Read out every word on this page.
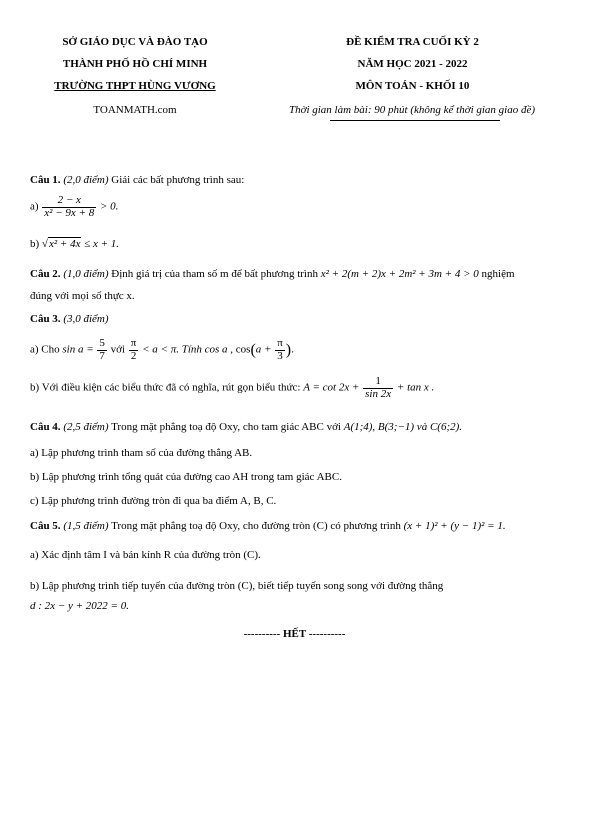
SỞ GIÁO DỤC VÀ ĐÀO TẠO
THÀNH PHỐ HỒ CHÍ MINH
TRƯỜNG THPT HÙNG VƯƠNG
TOANMATH.com
ĐỀ KIỂM TRA CUỐI KỲ 2
NĂM HỌC 2021 - 2022
MÔN TOÁN - KHỐI 10
Thời gian làm bài: 90 phút (không kể thời gian giao đề)
Câu 1. (2,0 điểm) Giải các bất phương trình sau:
$a) \frac{2 - x}{\text{x² − 9x + 8}} > 0$.
b) √x² + 4x ≤ x + 1.
Câu 2. (1,0 điểm) Định giá trị của tham số m để bất phương trình x² + 2(m + 2)x + 2m² + 3m + 4 > 0 nghiệm
đúng với mọi số thực x.
Câu 3. (3,0 điểm)
a) Cho $\sin a = \frac{5}{7}$ với $\frac{\pi}{2} < a < \pi$. Tính cos a , $\cos(a + \frac{\pi}{3}$ ).
b) Với điều kiện các biểu thức đã có nghĩa, rút gọn biểu thức: $A = \cot 2x + \frac{1}{\sin 2x} + \tan x$ .
Câu 4. (2,5 điểm) Trong mặt phẳng toạ độ Oxy, cho tam giác ABC với A(1;4), B(3;−1) và C(6;2).
a) Lập phương trình tham số của đường thẳng AB.
b) Lập phương trình tổng quát của đường cao AH trong tam giác ABC.
c) Lập phương trình đường tròn đi qua ba điểm A, B, C.
Câu 5. (1,5 điểm) Trong mặt phẳng toạ độ Oxy, cho đường tròn (C) có phương trình (x + 1)² + (y − 1)² = 1.
a) Xác định tâm I và bán kính R của đường tròn (C).
b) Lập phương trình tiếp tuyến của đường tròn (C), biết tiếp tuyến song song với đường thẳng
d : 2x − y + 2022 = 0.
---------- HẾT ----------
